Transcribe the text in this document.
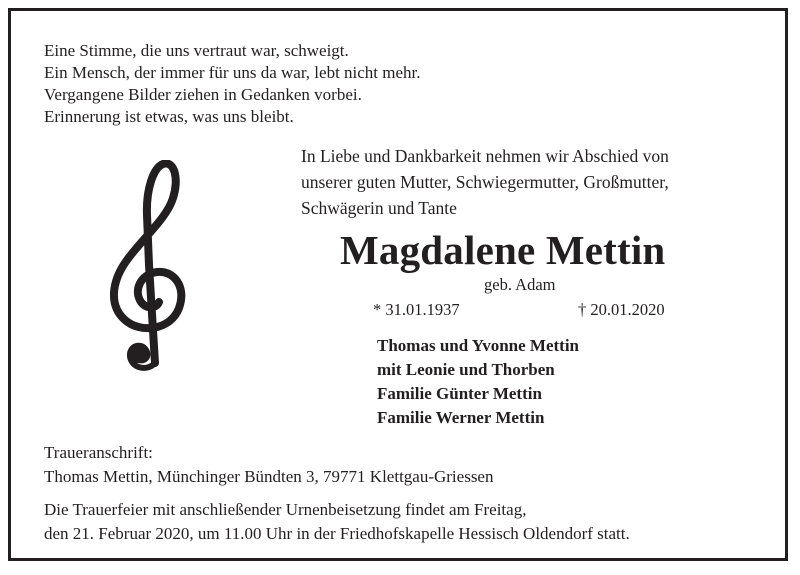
Eine Stimme, die uns vertraut war, schweigt.
Ein Mensch, der immer für uns da war, lebt nicht mehr.
Vergangene Bilder ziehen in Gedanken vorbei.
Erinnerung ist etwas, was uns bleibt.
In Liebe und Dankbarkeit nehmen wir Abschied von
unserer guten Mutter, Schwiegermutter, Großmutter,
Schwägerin und Tante
Magdalene Mettin
geb. Adam
* 31.01.1937	† 20.01.2020
Thomas und Yvonne Mettin
mit Leonie und Thorben
Familie Günter Mettin
Familie Werner Mettin
Traueranschrift:
Thomas Mettin, Münchinger Bündten 3, 79771 Klettgau-Griessen
Die Trauerfeier mit anschließender Urnenbeisetzung findet am Freitag,
den 21. Februar 2020, um 11.00 Uhr in der Friedhofskapelle Hessisch Oldendorf statt.
